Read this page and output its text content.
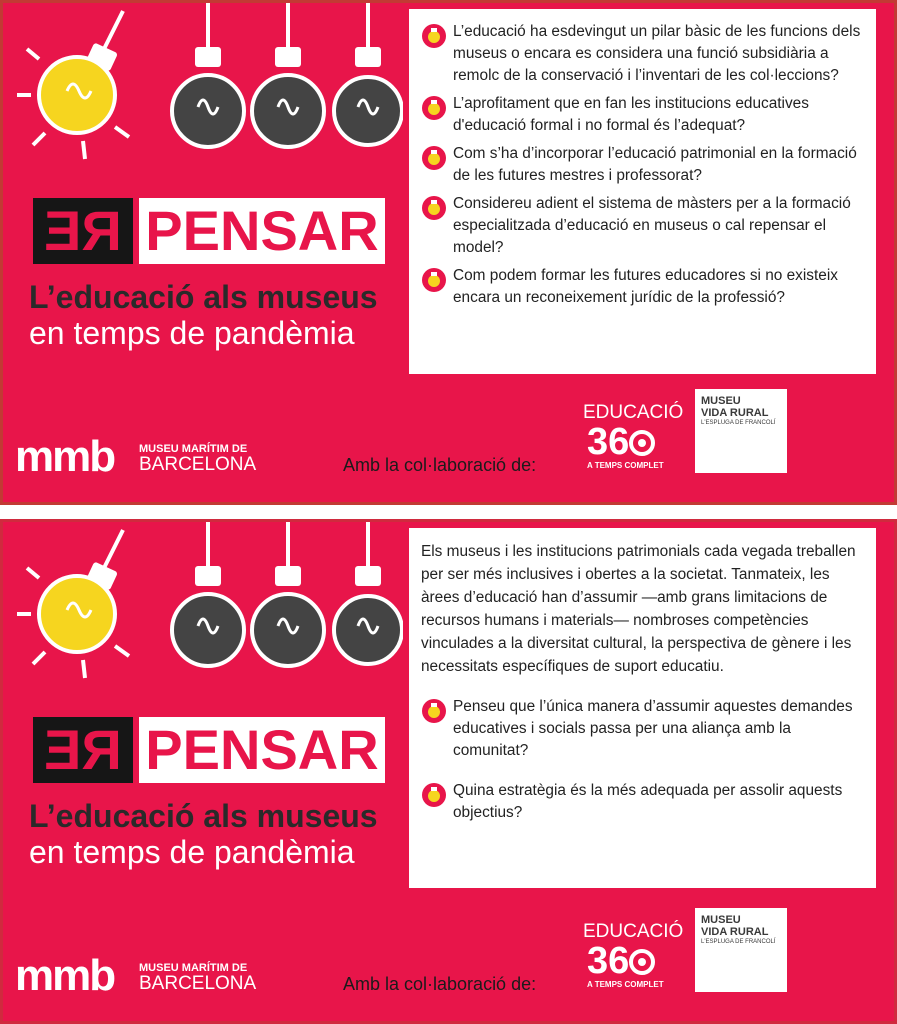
RE PENSAR
L’educació als museus
en temps de pandèmia
L’educació ha esdevingut un pilar bàsic de les funcions dels museus o encara es considera una funció subsidiària a remolc de la conservació i l’inventari de les col·leccions?
L’aprofitament que en fan les institucions educatives d'educació formal i no formal és l’adequat?
Com s’ha d’incorporar l’educació patrimonial en la formació de les futures mestres i professorat?
Considereu adient el sistema de màsters per a la formació especialitzada d’educació en museus o cal repensar el model?
Com podem formar les futures educadores si no existeix encara un reconeixement jurídic de la professió?
mmb MUSEU MARÍTIM DE
BARCELONA	Amb la col·laboració de:
EDUCACIÓ
36
A TEMPS COMPLET
MUSEU
VIDA RURAL
L'ESPLUGA DE FRANCOLÍ
RE PENSAR
L’educació als museus
en temps de pandèmia
Els museus i les institucions patrimonials cada vegada treballen per ser més inclusives i obertes a la societat. Tanmateix, les àrees d’educació han d’assumir —amb grans limitacions de recursos humans i materials— nombroses competències vinculades a la diversitat cultural, la perspectiva de gènere i les necessitats específiques de suport educatiu.
Penseu que l’única manera d’assumir aquestes demandes educatives i socials passa per una aliança amb la comunitat?
Quina estratègia és la més adequada per assolir aquests objectius?
mmb MUSEU MARÍTIM DE
BARCELONA	Amb la col·laboració de:
EDUCACIÓ
36
A TEMPS COMPLET
MUSEU
VIDA RURAL
L'ESPLUGA DE FRANCOLÍ
